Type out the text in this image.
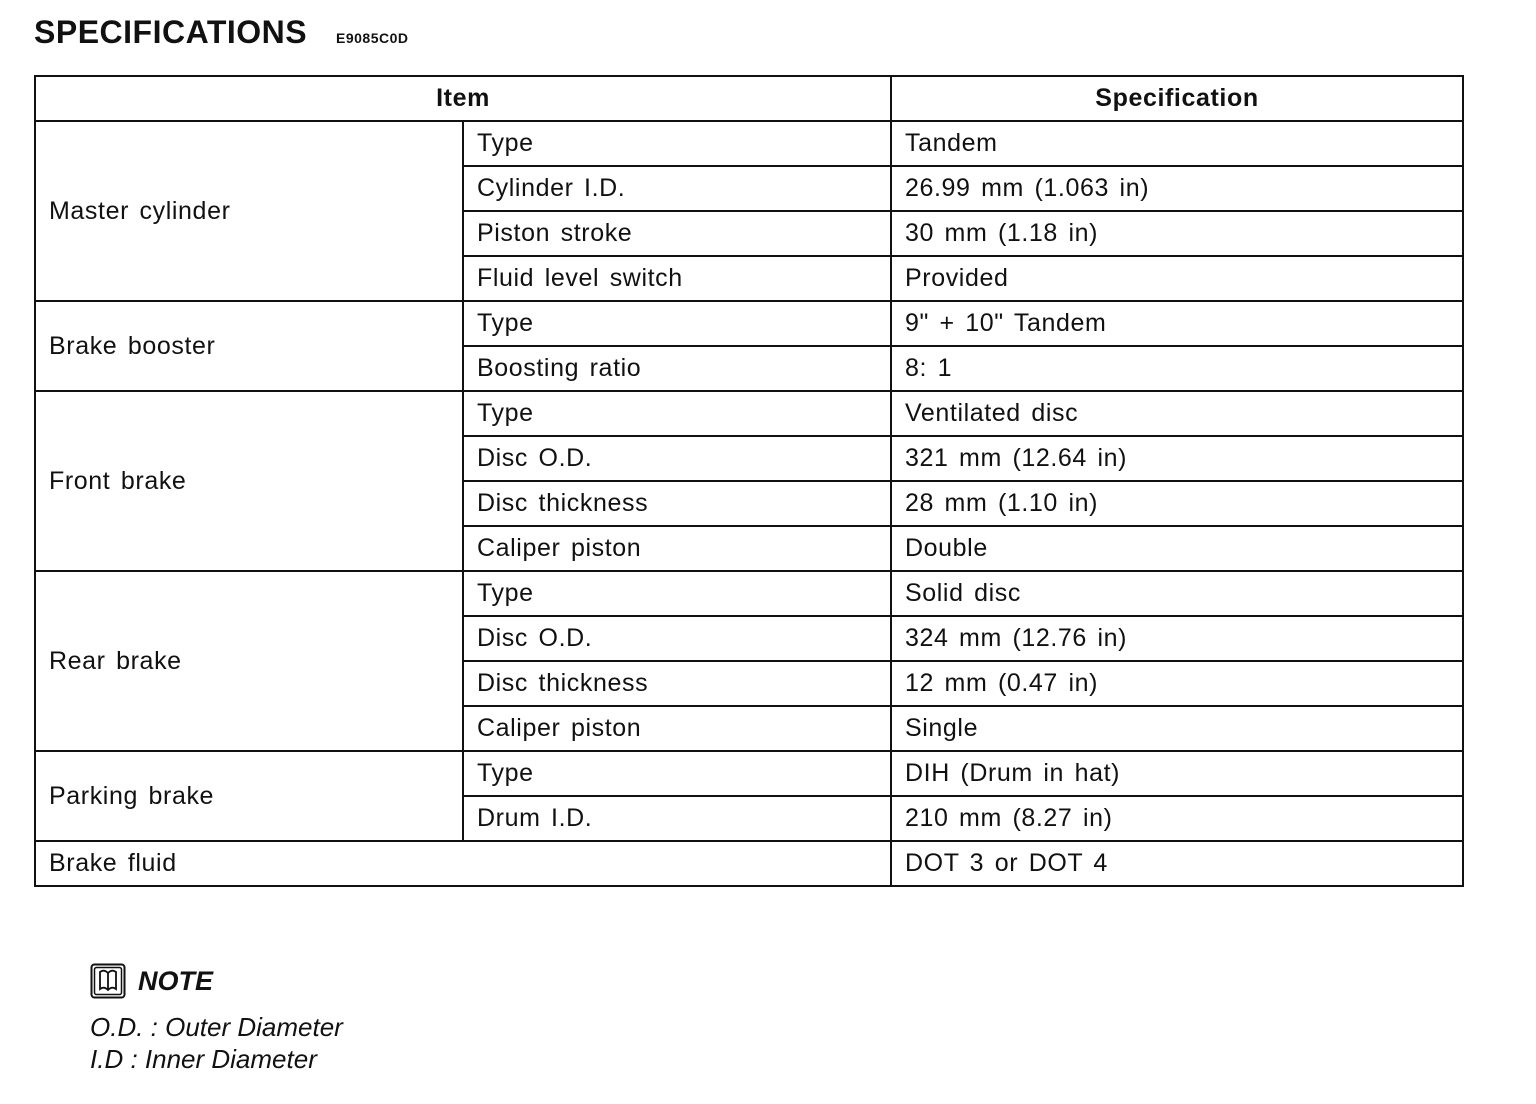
SPECIFICATIONS E9085C0D
Item		Specification
Master cylinder	Type	Tandem
	Cylinder I.D.	26.99 mm (1.063 in)
	Piston stroke	30 mm (1.18 in)
	Fluid level switch	Provided
Brake booster	Type	9" + 10" Tandem
	Boosting ratio	8: 1
Front brake	Type	Ventilated disc
	Disc O.D.	321 mm (12.64 in)
	Disc thickness	28 mm (1.10 in)
	Caliper piston	Double
Rear brake	Type	Solid disc
	Disc O.D.	324 mm (12.76 in)
	Disc thickness	12 mm (0.47 in)
	Caliper piston	Single
Parking brake	Type	DIH (Drum in hat)
	Drum I.D.	210 mm (8.27 in)
Brake fluid		DOT 3 or DOT 4
NOTE
O.D. : Outer Diameter
I.D : Inner Diameter
